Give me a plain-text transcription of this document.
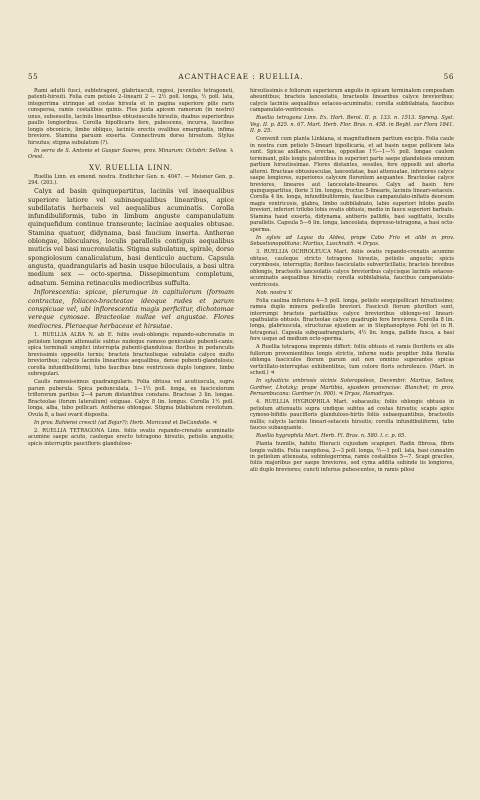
55	ACANTHACEAE : RUELLIA.	56

Rami adulti fusci, subtetragoni, glabriusculi, rugosi, juveniles tetragoneti, patenti-hirsuti. Folia cum petiolo 2–linearii 2 — 2½ poll. longa, ½ poll. lata, integerrima utrinque ad costas hirsuta et in pagina superiore pilis raris conspersa, ramis costalibus quinis. Flos juxta apicem ramorum (in nostro) unus, subsessilis, laciniis linearibus obtusiusculis hirsutis, duabus superioribus paullo longioribus. Corolla bipollicaris fere, pubescens, incurva, faucibus longis obconicis, limbo obliquo, laciniis erectis ovalibus emarginatis, infima breviore. Stamina paruum exserta. Connectivum dorso hirsutum. Stylus hirsutus; stigma subulatum (?).

In serra de S. Antonio et Gaspar Soares, prov. Minarum: Octobri: Sellow. ♄ Orest.

XV. RUELLIA LINN.

Ruellia Linn. ex emend. nostra. Endlicher Gen. n. 4047. — Meisner Gen. p. 294. (203.).

Calyx ad basin quinquepartitus, laciniis vel inaequalibus superiore latiore vel subinaequalibus linearibus, apice subdilatatis herbaceis vel aequalibus acuminatis. Corolla infundibuliformis, tubo in limbum angustе campanulatum quinquefidum continue transeunte; laciniae aequales obtusae. Stamina quatuor, didynama, basi faucium inserta. Antherae oblongae, biloculares, loculis parallelis contiguis aequalibus muticis vel basi mucronulatis. Stigma subulatum, spirale, dorso spongiolosum canaliculatum, basi denticulo auctum. Capsula angusta, quadrangularis ad basin usque biloculaıis, a basi ultra medium sex — octo-sperma. Dissepimentum completum, adnatum. Semina retinaculis mediocribus suffulta.

Inflorescentia: spicae, plerumque in capitulorum (formam contractae, foliaceo-bracteatae ideoque rudes et parum conspicuae vel, ubi inflorescentia magis perficitur, dichotomae vereque cymosae. Bracteolae nullae vel angustae. Flores mediocres. Pleraeque herbaceae et hirsutae.

1. RUELLIA ALBA N. ab E. foliis ovali-oblongis repando-subcrenatis in petiolum longum attenuatis subtus nudeque ramoso geniculato pubenti-canis; spica terminali simplici interrupta pubenti-glandulosa: floribus in pedunculis brevissimis oppositis ternis; bracteis bracteolisque subulatis calyce multo brevioribus; calycis laciniis linearibus aequalibus, dense pubenti-glandulosis; corolla infundibuliformi, tubo faucibus bine ventricosis duplo longiore, limbo subregulari.

Caulis ramosissimus quadrangularis. Folia obtusa vel acutiuscula, supra parum puberula. Spica pedunculata, 1—1½ poll. longa, ex fasciculorum triflororum paribus 2—4 parum distantibus constans. Bracteae 3 lin. longae. Bracteolae (forum lateralium) exiguae. Calyx 8 lin. longus. Corolla 1½ poll. longa, alba, tubo pollicari. Antherae oblongae. Stigma bilabiatum revolutum. Ovula 8, a basi ovarii disposita.

In prov. Bahiensi crescit (ad Bojar?): Herb. Moricand et DeCandolle. ♃

2. RUELLIA TETRAGONA Linn. foliis ovatis repando-crenatis acuminatis acumine saepe acuto, cauleque erecto tetragono hirsutis, petiolis angustis; spicis interruptis paucifloris glanduloso-

hirsutissimis e foliorum superiorum angulis in spicam terminalem compositam abeuntibus; bracteis lanceolatis, bracteolis linearibus calyce brevioribus; calycis laciniis aequalibus setaceo-acuminatis; corolla subbilabiata, faucibus campanulato-ventricosis.

Ruellia tetragona Linn. Ex. Hort. Berol. II. p. 133. n. 1513. Spreng. Syst. Veg. II. p. 825. n. 67. Mart. Herb. Flor. Bras. n. 458. in Beybl. zur Flora 1841. II. p. 25.

Convenit cum planta Linkiana, si magnitudinem partium excipis. Folia caule in nostra cum petiolo 5-lineari bipollicaria, et ad basin usque pollicem lata sunt. Spicae axillares, erectae, oppositae 1½—1—½ poll. longae caulem terminant, pilis longis patentibus in superiori parte saepe glandulosis omnium partium hirsutissimae. Flores distantes, sessiles, fere oppositi aut aborta alterni. Bracteae obtusiusculae, lanceolatae, basi attenuatae, inferiores calyce saepe longiores, superiores calycem florentem aequantes. Bracteolae calyce breviores, lineares aut lanceolato-lineares. Calyx ad basin fere quinquepartitus, florie 3 lin. longus, fructus 5-linearis, laciniis lineari-setaceis. Corolla 4 lin. longa, infundibuliformis, faucibus campanulato-inflatis deorsum magis ventricosis, glabra, limbo subbilabiato, labio superiori bilobo paullo breviori, inferiori trilobo lobis ovatis obtusis, medio in fauce superiori barbato. Stamina haud exserta, didynama, antheris pallidis, basi sagittatis, loculis parallelis. Capsula 5—6 lin. longa, lanceolata, depresso-tetragona, a basi octo-sperma.

In sylvis ad Lagoa da Aldea, prope Cabo Frio et alibi in prov. Sebastianopolitana: Martius, Luschnath. ♃ Dryas.

3. RUELLIA OCHROLEUCA Mart. foliis ovatis repando-crenatis acumine obtuso, cauleque stricto tetragono hirsutis, petiolis angustis; spicis corymbosis, interruptis; floribus fasciculatis subverticillatis; bracteis brevibus oblongis, bracteolis lanceolatis calyce brevioribus calycisque laciniis setaceo-acuminatis aequalibus hirsutis; corolla subbilabiata, faucibus campanulato-ventricosis.

Nob. nostra V.

Folia caulina inferiora 4—5 poll. longa, petiolo sesquipollicari hirsutissimo; ramea duplo minora pedicello breviori. Fasciculi florum pluriflori sunt, interrumpi bracteis partialibus calyce brevioribus oblongo-vel lineari-spathulatis obtusis. Bracteolae calyce quadruplo fere breviores. Corolla 8 lin. longa, glabriuscula, structurae ejusdem ac in Stephanophyso Pohl (et in R. tetragona). Capsula subquadrangularis, 4½ lin. longa, pallide fusca, a basi fere usque ad medium octo-sperma.

A Ruellia tetragona imprimis differt: foliis obtusis et ramis floriferis ex alis fullorum provenientibus longis strictis, inferne nudis proptter folia floralia oblonga fasciculos florum parum aut non omnino superantes spicas verticillato-interruptas exhibentibus, tum colore floris ochroleuco. (Mart. in sched.) ♃

In sylvaticis umbrosis vicinis Soteropoleos, Decembri: Martius, Sellow, Gardner, Lhotzky; prope Martibia, ejusdem provinciae: Blanchet; in prov. Pernambucana: Gardner (n. 900). ♃ Dryas, Hamadryas.

4. RUELLIA HYGROPHILA Mart. subacaulis; foliis oblongis obtusis in petiolum attenuatis supra undique subtus ad costas hirsutis; scapis apice cymoso-bifidis paucifloris glanduloso-hirtis foliis subaequantibus, bracteolis nullis; calycis laciniis lineari-setaceis hirsutis; corolla infundibuliformi, tubo fauces subaequante.

Ruellia hygrophila Mart. Herb. Fl. Bras. n. 580. l. c. p. 65.

Planta humilis, habitu Hieracii cujusdam scapigeri. Radix fibrosa, fibris longis validis. Folia caespitosa, 2—3 poll. longa, ½—1 poll. lata, basi cuneatim in petiolum attenuata, subintegerrima, ramis costalibus 5—7. Scapi graciles, foliis majoribus per saepe breviores, sed cyma addita subinde iis longiores, alii duplo breviores; cuncti inferius pubescentes, in ramis pilosi
